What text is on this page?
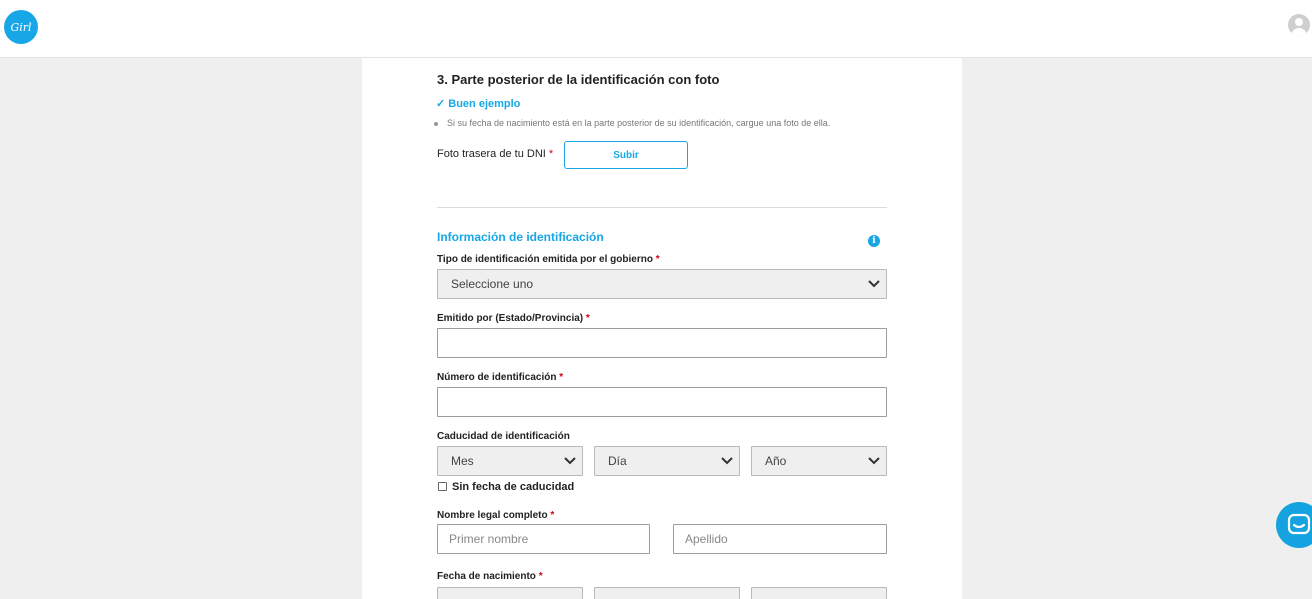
Girl
3. Parte posterior de la identificación con foto
✓ Buen ejemplo
Si su fecha de nacimiento está en la parte posterior de su identificación, cargue una foto de ella.
Foto trasera de tu DNI *	Subir
Información de identificación	i
Tipo de identificación emitida por el gobierno *
Seleccione uno
Emitido por (Estado/Provincia) *
Número de identificación *
Caducidad de identificación
Mes	Día	Año
Sin fecha de caducidad
Nombre legal completo *
Primer nombre	Apellido
Fecha de nacimiento *
